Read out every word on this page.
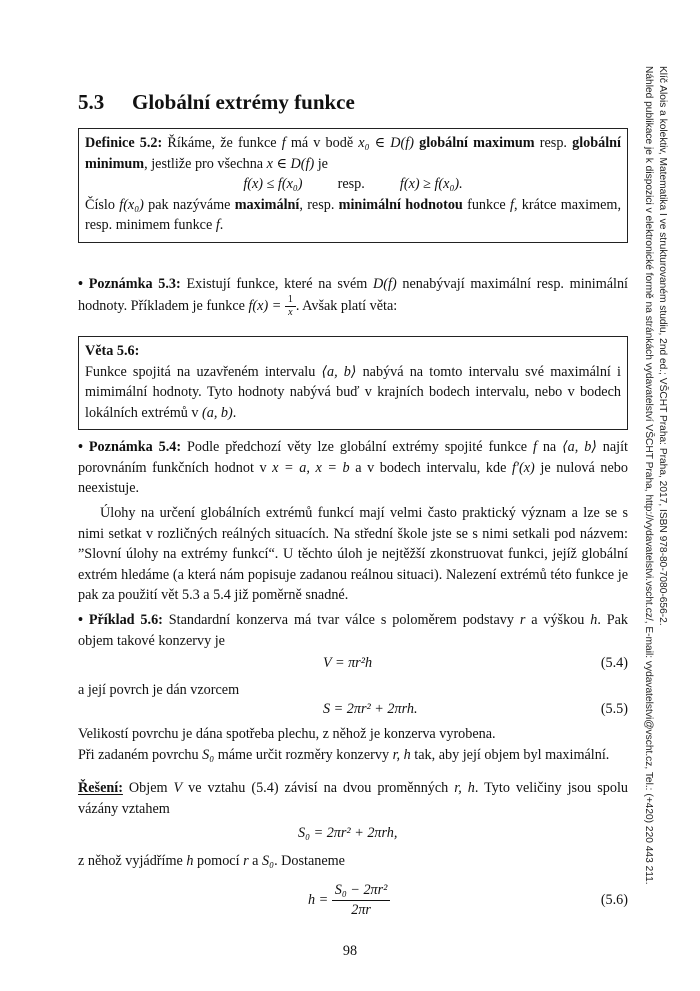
5.3 Globální extrémy funkce

Definice 5.2: Říkáme, že funkce f má v bodě x₀ ∈ D(f) globální maximum resp. globální minimum, jestliže pro všechna x ∈ D(f) je

f(x) ≤ f(x₀) resp. f(x) ≥ f(x₀).

Číslo f(x₀) pak nazýváme maximální, resp. minimální hodnotou funkce f, krátce maximem, resp. minimem funkce f.

• Poznámka 5.3: Existují funkce, které na svém D(f) nenabývají maximální resp. minimální hodnoty. Příkladem je funkce $f(x) = \frac{1}{x}$ . Avšak platí věta:

Věta 5.6:

Funkce spojitá na uzavřeném intervalu ⟨a, b⟩ nabývá na tomto intervalu své maximální i mimimální hodnoty. Tyto hodnoty nabývá buď v krajních bodech intervalu, nebo v bodech lokálních extrémů v (a, b).

• Poznámka 5.4: Podle předchozí věty lze globální extrémy spojité funkce f na ⟨a, b⟩ najít porovnáním funkčních hodnot v x = a, x = b a v bodech intervalu, kde f′(x) je nulová nebo neexistuje.

Úlohy na určení globálních extrémů funkcí mají velmi často praktický význam a lze se s nimi setkat v rozličných reálných situacích. Na střední škole jste se s nimi setkali pod názvem: ”Slovní úlohy na extrémy funkcí“. U těchto úloh je nejtěžší zkonstruovat funkci, jejíž globální extrém hledáme (a která nám popisuje zadanou reálnou situaci). Nalezení extrémů této funkce je pak za použití vět 5.3 a 5.4 již poměrně snadné.

• Příklad 5.6: Standardní konzerva má tvar válce s poloměrem podstavy r a výškou h. Pak objem takové konzervy je

V = πr²h	(5.4)

a její povrch je dán vzorcem

S = 2πr² + 2πrh.	(5.5)

Velikostí povrchu je dána spotřeba plechu, z něhož je konzerva vyrobena.

Při zadaném povrchu S₀ máme určit rozměry konzervy r, h tak, aby její objem byl maximální.

Řešení: Objem V ve vztahu (5.4) závisí na dvou proměnných r, h. Tyto veličiny jsou spolu vázány vztahem

S₀ = 2πr² + 2πrh,

z něhož vyjádříme h pomocí r a S₀. Dostaneme

$h = \frac{\text{S₀ − 2πr²}}{2\pi r}$	(5.6)
98
Klíč Alois a kolektiv, Matematika I ve strukturovaném studiu, 2nd ed.; VŠCHT Praha: Praha, 2017, ISBN 978-80-7080-656-2.
Náhled publikace je k dispozici v elektronické formě na stránkách vydavatelství VŠCHT Praha, http://vydavatelstvi.vscht.cz/, E-mail: vydavatelstvi@vscht.cz, Tel.: (+420) 220 443 211.
